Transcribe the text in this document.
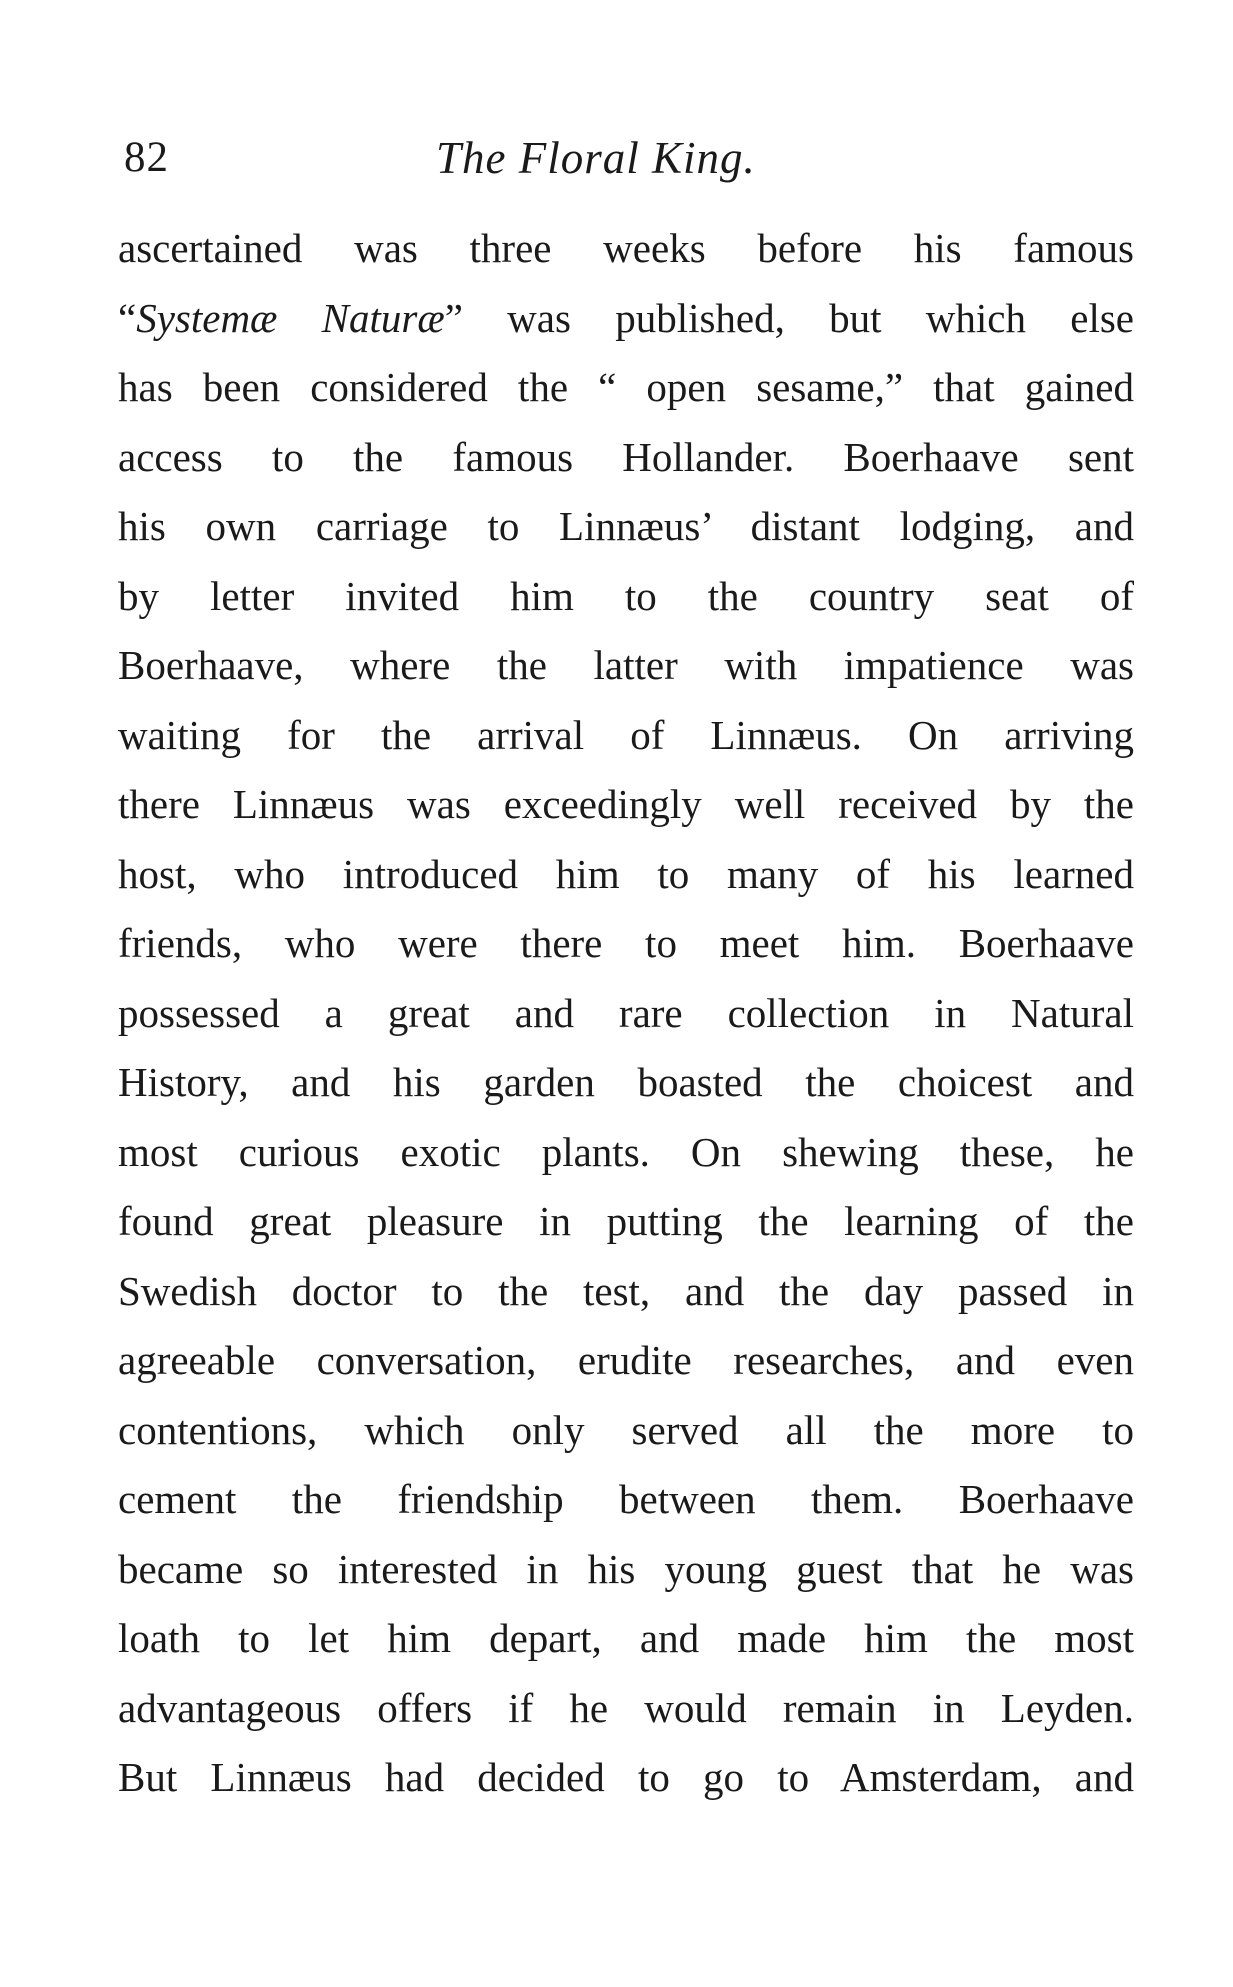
82	The Floral King.
ascertained was three weeks before his famous
“Systemæ Naturæ” was published, but which else
has been considered the “ open sesame,” that gained
access to the famous Hollander. Boerhaave sent
his own carriage to Linnæus’ distant lodging, and
by letter invited him to the country seat of
Boerhaave, where the latter with impatience was
waiting for the arrival of Linnæus. On arriving
there Linnæus was exceedingly well received by the
host, who introduced him to many of his learned
friends, who were there to meet him. Boerhaave
possessed a great and rare collection in Natural
History, and his garden boasted the choicest and
most curious exotic plants. On shewing these, he
found great pleasure in putting the learning of the
Swedish doctor to the test, and the day passed in
agreeable conversation, erudite researches, and even
contentions, which only served all the more to
cement the friendship between them. Boerhaave
became so interested in his young guest that he was
loath to let him depart, and made him the most
advantageous offers if he would remain in Leyden.
But Linnæus had decided to go to Amsterdam, and
